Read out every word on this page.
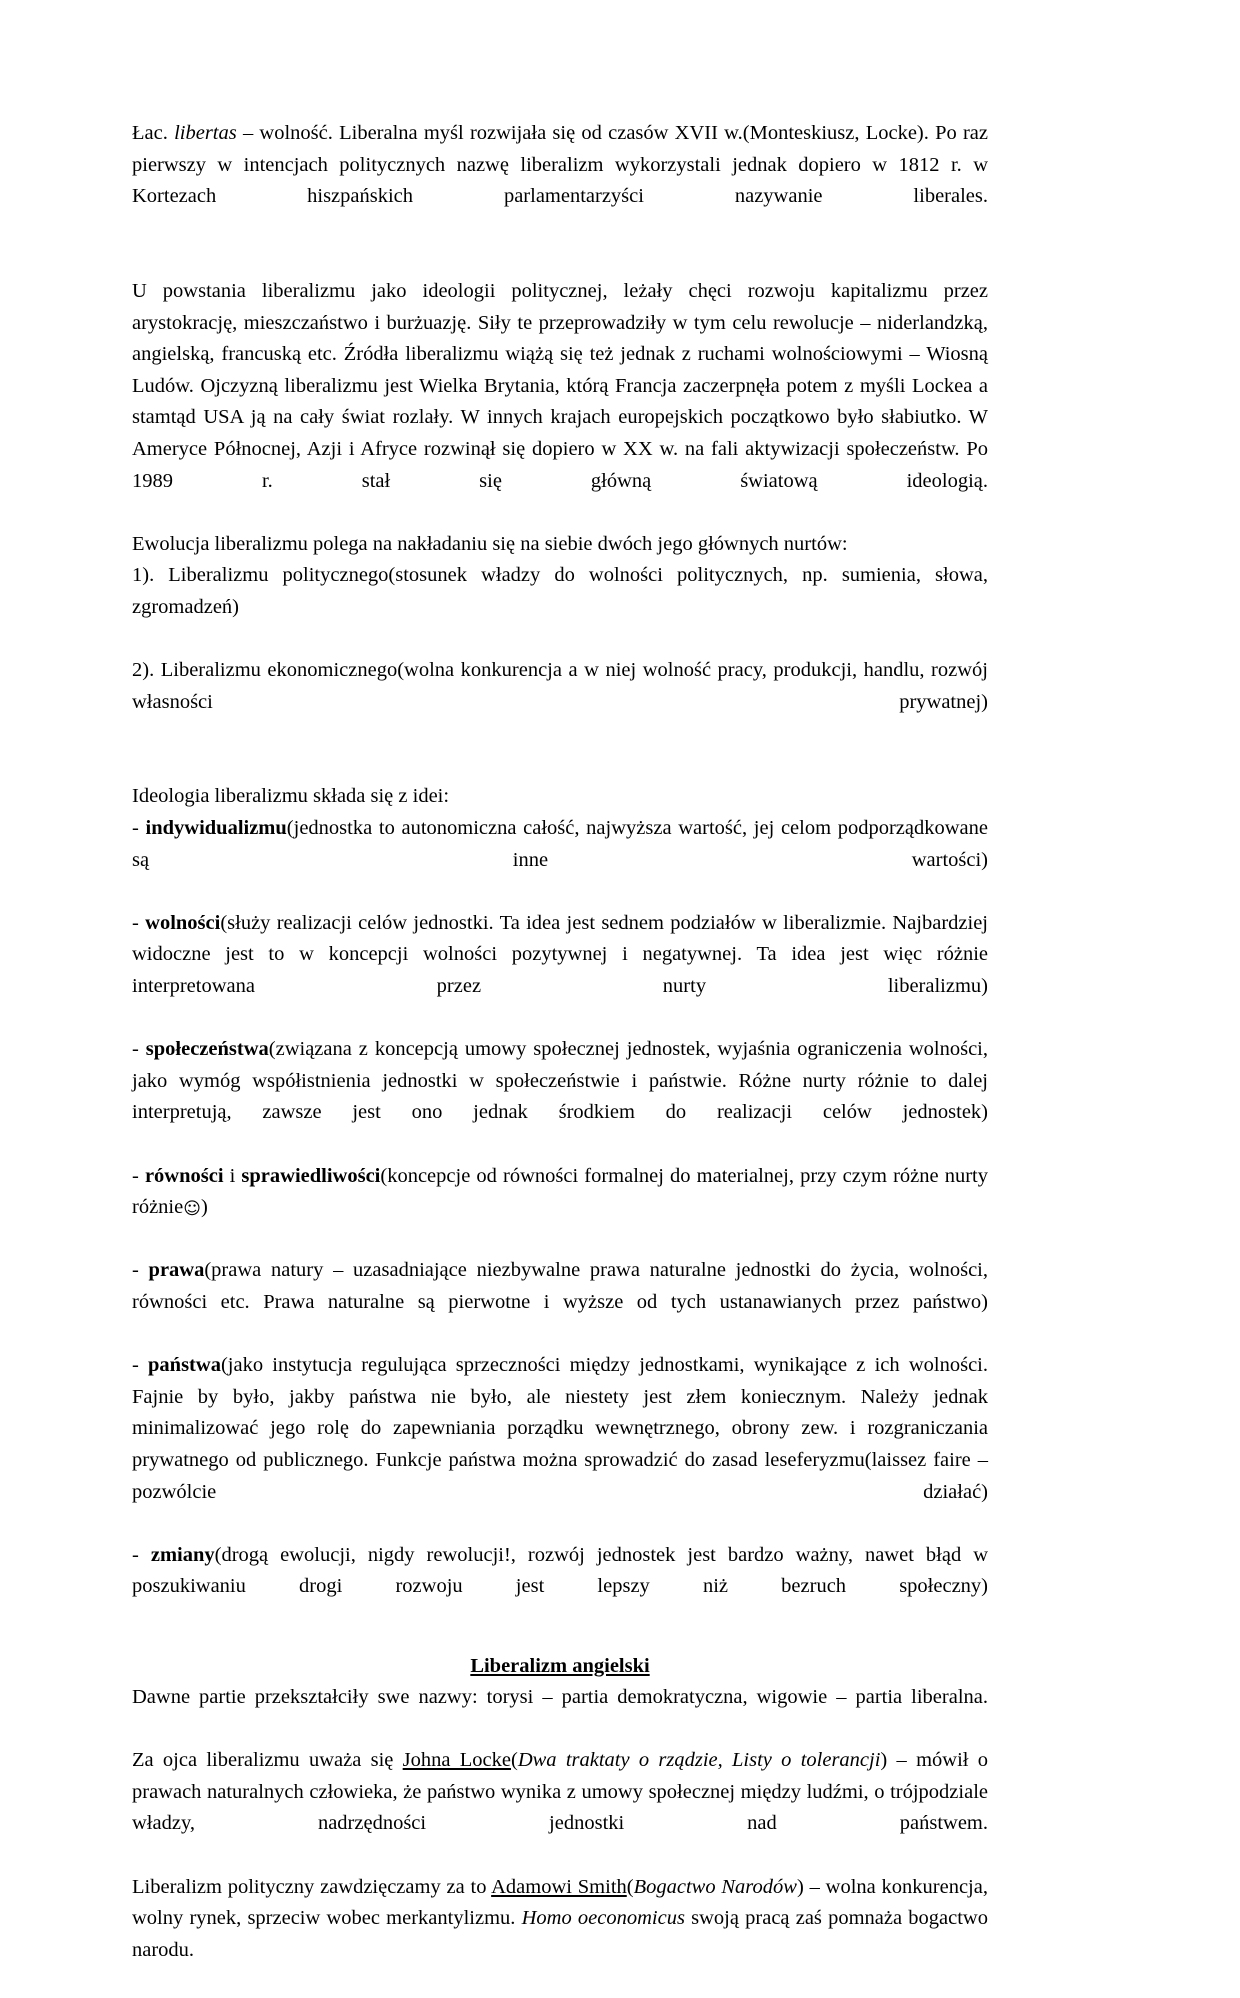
Łac. libertas – wolność. Liberalna myśl rozwijała się od czasów XVII w.(Monteskiusz, Locke). Po raz pierwszy w intencjach politycznych nazwę liberalizm wykorzystali jednak dopiero w 1812 r. w Kortezach hiszpańskich parlamentarzyści nazywanie liberales.

U powstania liberalizmu jako ideologii politycznej, leżały chęci rozwoju kapitalizmu przez arystokrację, mieszczaństwo i burżuazję. Siły te przeprowadziły w tym celu rewolucje – niderlandzką, angielską, francuską etc. Źródła liberalizmu wiążą się też jednak z ruchami wolnościowymi – Wiosną Ludów. Ojczyzną liberalizmu jest Wielka Brytania, którą Francja zaczerpnęła potem z myśli Lockea a stamtąd USA ją na cały świat rozlały. W innych krajach europejskich początkowo było słabiutko. W Ameryce Północnej, Azji i Afryce rozwinął się dopiero w XX w. na fali aktywizacji społeczeństw. Po 1989 r. stał się główną światową ideologią.

Ewolucja liberalizmu polega na nakładaniu się na siebie dwóch jego głównych nurtów:

1). Liberalizmu politycznego(stosunek władzy do wolności politycznych, np. sumienia, słowa, zgromadzeń)

2). Liberalizmu ekonomicznego(wolna konkurencja a w niej wolność pracy, produkcji, handlu, rozwój własności prywatnej)

Ideologia liberalizmu składa się z idei:

- indywidualizmu(jednostka to autonomiczna całość, najwyższa wartość, jej celom podporządkowane są inne wartości)

- wolności(służy realizacji celów jednostki. Ta idea jest sednem podziałów w liberalizmie. Najbardziej widoczne jest to w koncepcji wolności pozytywnej i negatywnej. Ta idea jest więc różnie interpretowana przez nurty liberalizmu)

- społeczeństwa(związana z koncepcją umowy społecznej jednostek, wyjaśnia ograniczenia wolności, jako wymóg współistnienia jednostki w społeczeństwie i państwie. Różne nurty różnie to dalej interpretują, zawsze jest ono jednak środkiem do realizacji celów jednostek)

- równości i sprawiedliwości(koncepcje od równości formalnej do materialnej, przy czym różne nurty różnie☺)

- prawa(prawa natury – uzasadniające niezbywalne prawa naturalne jednostki do życia, wolności, równości etc. Prawa naturalne są pierwotne i wyższe od tych ustanawianych przez państwo)

- państwa(jako instytucja regulująca sprzeczności między jednostkami, wynikające z ich wolności. Fajnie by było, jakby państwa nie było, ale niestety jest złem koniecznym. Należy jednak minimalizować jego rolę do zapewniania porządku wewnętrznego, obrony zew. i rozgraniczania prywatnego od publicznego. Funkcje państwa można sprowadzić do zasad leseferyzmu(laissez faire – pozwólcie działać)

- zmiany(drogą ewolucji, nigdy rewolucji!, rozwój jednostek jest bardzo ważny, nawet błąd w poszukiwaniu drogi rozwoju jest lepszy niż bezruch społeczny)

Liberalizm angielski

Dawne partie przekształciły swe nazwy: torysi – partia demokratyczna, wigowie – partia liberalna.

Za ojca liberalizmu uważa się Johna Locke(Dwa traktaty o rządzie, Listy o tolerancji) – mówił o prawach naturalnych człowieka, że państwo wynika z umowy społecznej między ludźmi, o trójpodziale władzy, nadrzędności jednostki nad państwem.

Liberalizm polityczny zawdzięczamy za to Adamowi Smith(Bogactwo Narodów) – wolna konkurencja, wolny rynek, sprzeciw wobec merkantylizmu. Homo oeconomicus swoją pracą zaś pomnaża bogactwo narodu.
